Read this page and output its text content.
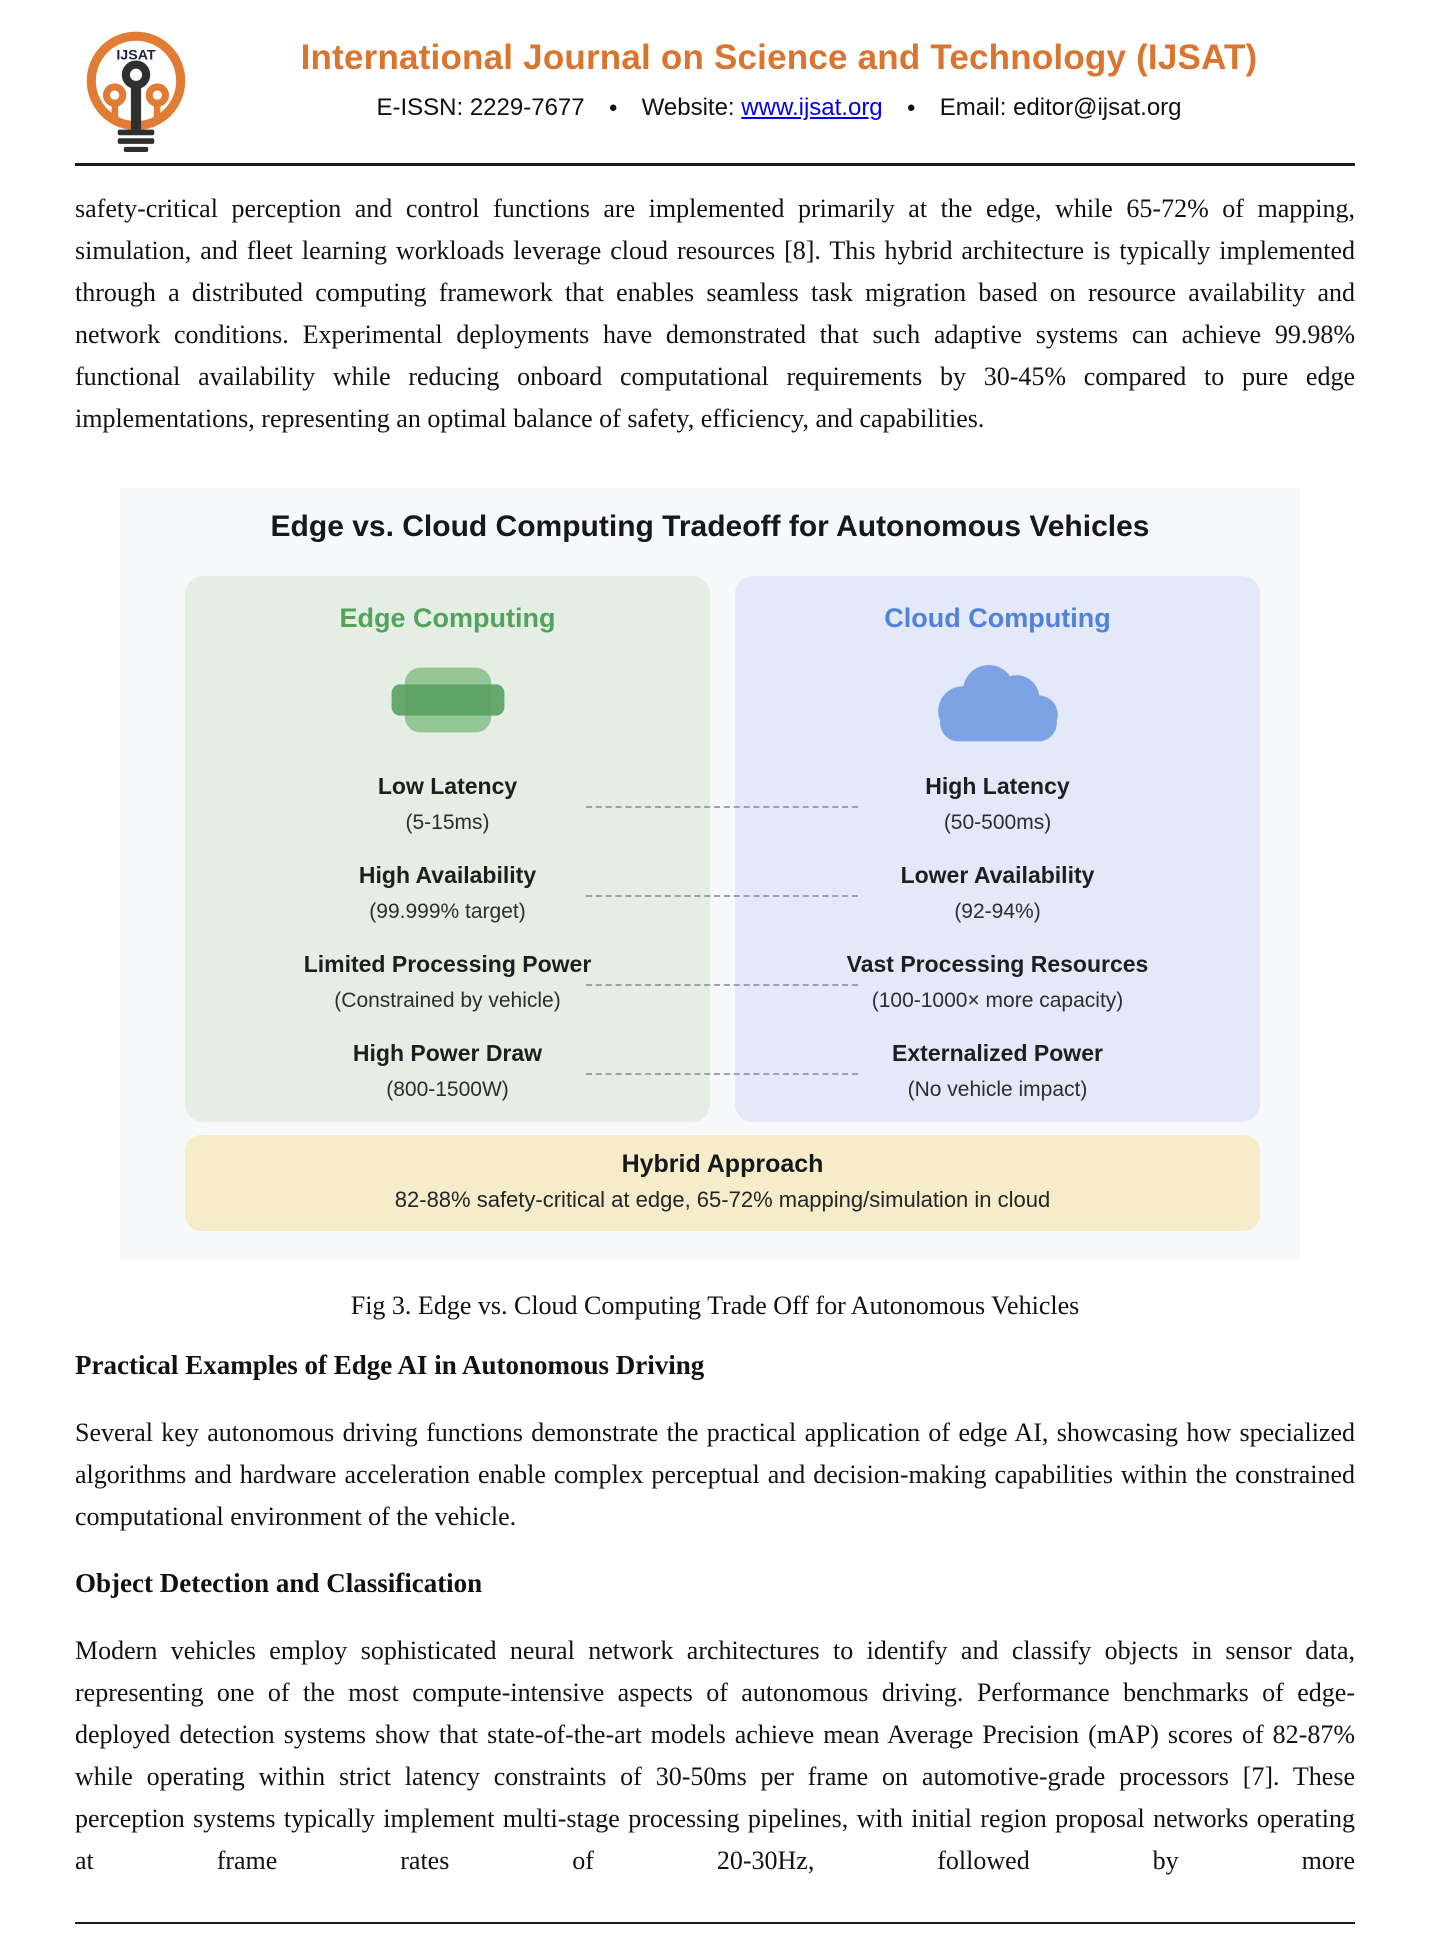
IJSAT	International Journal on Science and Technology (IJSAT)
E-ISSN: 2229-7677 ● Website: www.ijsat.org ● Email: editor@ijsat.org
safety-critical perception and control functions are implemented primarily at the edge, while 65-72% of mapping, simulation, and fleet learning workloads leverage cloud resources [8]. This hybrid architecture is typically implemented through a distributed computing framework that enables seamless task migration based on resource availability and network conditions. Experimental deployments have demonstrated that such adaptive systems can achieve 99.98% functional availability while reducing onboard computational requirements by 30-45% compared to pure edge implementations, representing an optimal balance of safety, efficiency, and capabilities.
Edge vs. Cloud Computing Tradeoff for Autonomous Vehicles
Edge Computing
Low Latency
(5-15ms)
High Availability
(99.999% target)
Limited Processing Power
(Constrained by vehicle)
High Power Draw
(800-1500W)
Cloud Computing
High Latency
(50-500ms)
Lower Availability
(92-94%)
Vast Processing Resources
(100-1000× more capacity)
Externalized Power
(No vehicle impact)
Hybrid Approach
82-88% safety-critical at edge, 65-72% mapping/simulation in cloud
Fig 3. Edge vs. Cloud Computing Trade Off for Autonomous Vehicles
Practical Examples of Edge AI in Autonomous Driving
Several key autonomous driving functions demonstrate the practical application of edge AI, showcasing how specialized algorithms and hardware acceleration enable complex perceptual and decision-making capabilities within the constrained computational environment of the vehicle.
Object Detection and Classification
Modern vehicles employ sophisticated neural network architectures to identify and classify objects in sensor data, representing one of the most compute-intensive aspects of autonomous driving. Performance benchmarks of edge-deployed detection systems show that state-of-the-art models achieve mean Average Precision (mAP) scores of 82-87% while operating within strict latency constraints of 30-50ms per frame on automotive-grade processors [7]. These perception systems typically implement multi-stage processing pipelines, with initial region proposal networks operating at frame rates of 20-30Hz, followed by more
